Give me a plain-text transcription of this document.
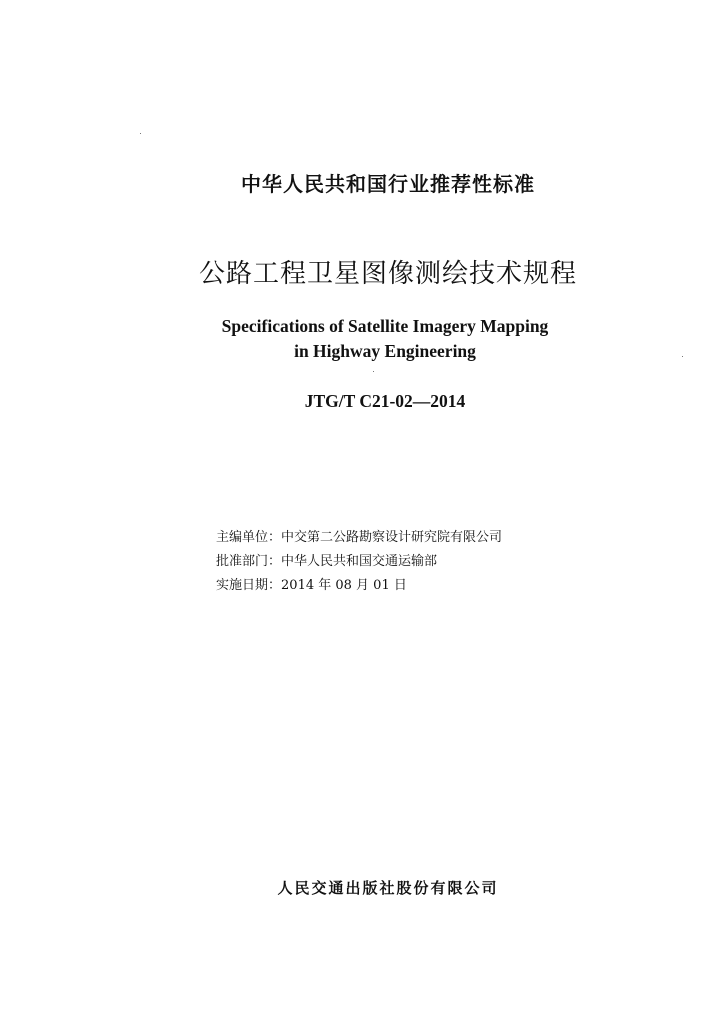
中华人民共和国行业推荐性标准
公路工程卫星图像测绘技术规程
Specifications of Satellite Imagery Mapping
in Highway Engineering
JTG/T C21-02—2014
主编单位：中交第二公路勘察设计研究院有限公司
批准部门：中华人民共和国交通运输部
实施日期：2014 年 08 月 01 日
人民交通出版社股份有限公司
